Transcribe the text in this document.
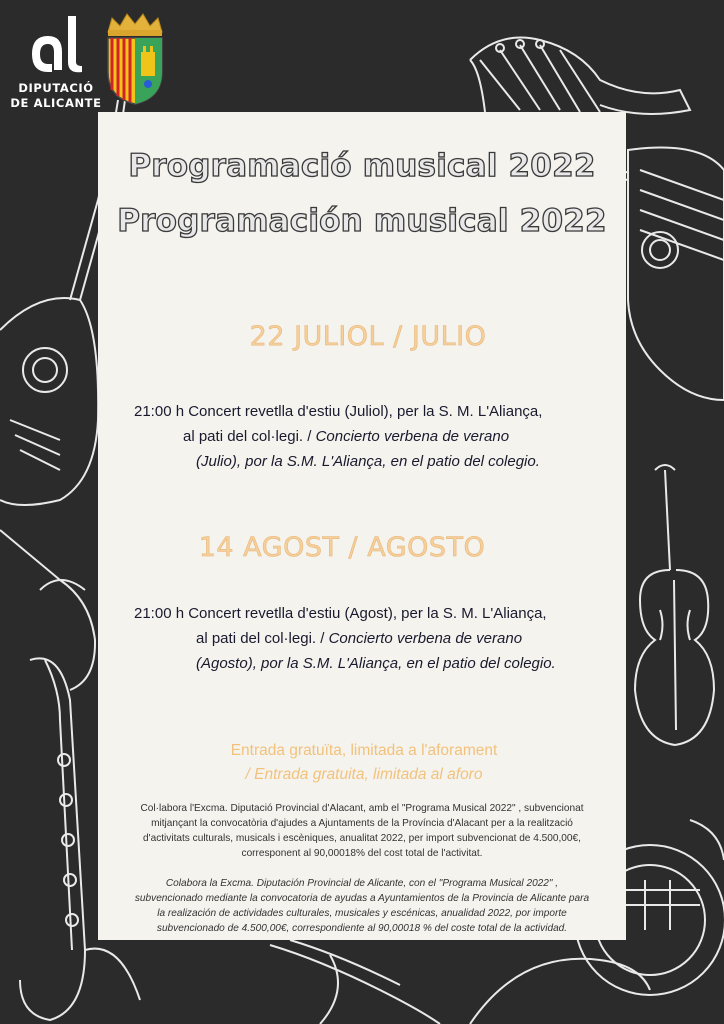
DIPUTACIÓ
DE ALICANTE
Programació musical 2022
Programación musical 2022
22 JULIOL / JULIO
21:00 h Concert revetlla d'estiu (Juliol), per la S. M. L'Aliança,
al pati del col·legi. / Concierto verbena de verano
(Julio), por la S.M. L'Aliança, en el patio del colegio.
14 AGOST / AGOSTO
21:00 h Concert revetlla d'estiu (Agost), per la S. M. L'Aliança,
al pati del col·legi. / Concierto verbena de verano
(Agosto), por la S.M. L'Aliança, en el patio del colegio.
Entrada gratuïta, limitada a l'aforament
/ Entrada gratuita, limitada al aforo
Col·labora l'Excma. Diputació Provincial d'Alacant, amb el "Programa Musical 2022" , subvencionat
mitjançant la convocatòria d'ajudes a Ajuntaments de la Província d'Alacant per a la realització
d'activitats culturals, musicals i escèniques, anualitat 2022, per import subvencionat de 4.500,00€,
corresponent al 90,00018% del cost total de l'activitat.
Colabora la Excma. Diputación Provincial de Alicante, con el "Programa Musical 2022" ,
subvencionado mediante la convocatoria de ayudas a Ayuntamientos de la Provincia de Alicante para
la realización de actividades culturales, musicales y escénicas, anualidad 2022, por importe
subvencionado de 4.500,00€, correspondiente al 90,00018 % del coste total de la actividad.
